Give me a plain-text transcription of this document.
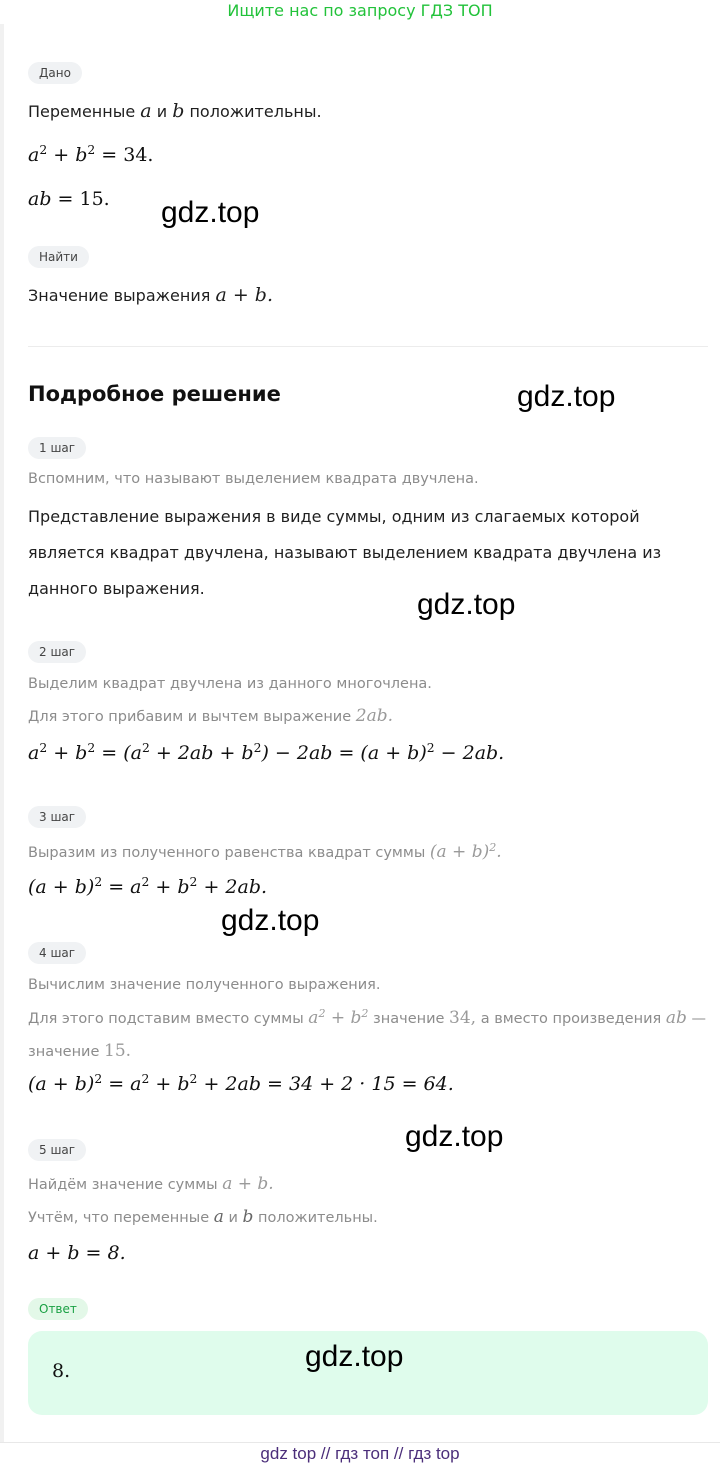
Ищите нас по запросу ГДЗ ТОП
Дано
Переменные a и b положительны.
$a^2 + b^2 = 34$.
ab = 15.
Найти
Значение выражения a + b.
Подробное решение
1 шаг
Вспомним, что называют выделением квадрата двучлена.
Представление выражения в виде суммы, одним из слагаемых которой
является квадрат двучлена, называют выделением квадрата двучлена из
данного выражения.
2 шаг
Выделим квадрат двучлена из данного многочлена.
Для этого прибавим и вычтем выражение 2ab.
$a^2 + b^2 = (a^2 + 2ab + b^2) - 2ab = (a + b)^2 - 2ab$.
3 шаг
Выразим из полученного равенства квадрат суммы $(a + b)^2$.
$(a + b)^2 = a^2 + b^2 + 2ab$.
4 шаг
Вычислим значение полученного выражения.
Для этого подставим вместо суммы $a^2 + b^2$ значение 34, а вместо произведения ab —
значение 15.
$(a + b)^2 = a^2 + b^2 + 2ab = 34 + 2 \cdot 15 = 64$.
5 шаг
Найдём значение суммы a + b.
Учтём, что переменные a и b положительны.
a + b = 8.
Ответ
8.
gdz.top
gdz.top
gdz.top
gdz.top
gdz.top
gdz.top
gdz top // гдз топ // гдз top
